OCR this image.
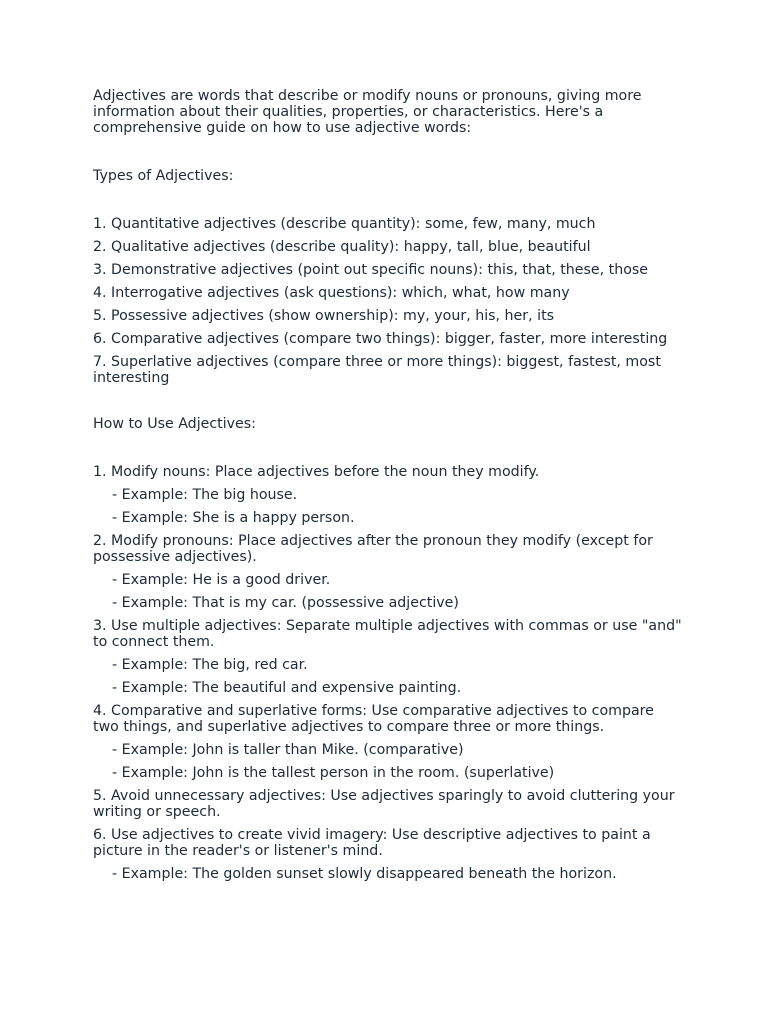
Adjectives are words that describe or modify nouns or pronouns, giving more information about their qualities, properties, or characteristics. Here's a comprehensive guide on how to use adjective words:

Types of Adjectives:

1. Quantitative adjectives (describe quantity): some, few, many, much
2. Qualitative adjectives (describe quality): happy, tall, blue, beautiful
3. Demonstrative adjectives (point out specific nouns): this, that, these, those
4. Interrogative adjectives (ask questions): which, what, how many
5. Possessive adjectives (show ownership): my, your, his, her, its
6. Comparative adjectives (compare two things): bigger, faster, more interesting
7. Superlative adjectives (compare three or more things): biggest, fastest, most interesting

How to Use Adjectives:

1. Modify nouns: Place adjectives before the noun they modify.
- Example: The big house.
- Example: She is a happy person.
2. Modify pronouns: Place adjectives after the pronoun they modify (except for possessive adjectives).
- Example: He is a good driver.
- Example: That is my car. (possessive adjective)
3. Use multiple adjectives: Separate multiple adjectives with commas or use "and" to connect them.
- Example: The big, red car.
- Example: The beautiful and expensive painting.
4. Comparative and superlative forms: Use comparative adjectives to compare two things, and superlative adjectives to compare three or more things.
- Example: John is taller than Mike. (comparative)
- Example: John is the tallest person in the room. (superlative)
5. Avoid unnecessary adjectives: Use adjectives sparingly to avoid cluttering your writing or speech.
6. Use adjectives to create vivid imagery: Use descriptive adjectives to paint a picture in the reader's or listener's mind.
- Example: The golden sunset slowly disappeared beneath the horizon.
